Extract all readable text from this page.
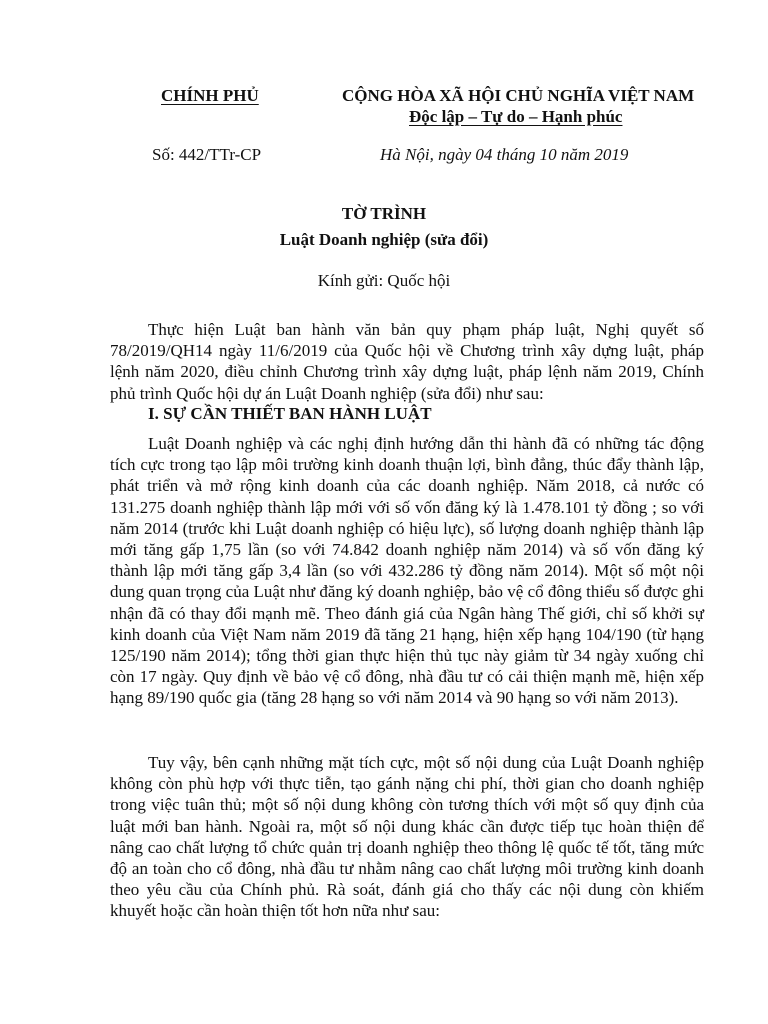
CHÍNH PHỦ	CỘNG HÒA XÃ HỘI CHỦ NGHĨA VIỆT NAM
Độc lập – Tự do – Hạnh phúc
Số: 442/TTr-CP	Hà Nội, ngày 04 tháng 10 năm 2019
TỜ TRÌNH
Luật Doanh nghiệp (sửa đổi)
Kính gửi: Quốc hội

Thực hiện Luật ban hành văn bản quy phạm pháp luật, Nghị quyết số 78/2019/QH14 ngày 11/6/2019 của Quốc hội về Chương trình xây dựng luật, pháp lệnh năm 2020, điều chỉnh Chương trình xây dựng luật, pháp lệnh năm 2019, Chính phủ trình Quốc hội dự án Luật Doanh nghiệp (sửa đổi) như sau:

I. SỰ CẦN THIẾT BAN HÀNH LUẬT

Luật Doanh nghiệp và các nghị định hướng dẫn thi hành đã có những tác động tích cực trong tạo lập môi trường kinh doanh thuận lợi, bình đẳng, thúc đẩy thành lập, phát triển và mở rộng kinh doanh của các doanh nghiệp. Năm 2018, cả nước có 131.275 doanh nghiệp thành lập mới với số vốn đăng ký là 1.478.101 tỷ đồng ; so với năm 2014 (trước khi Luật doanh nghiệp có hiệu lực), số lượng doanh nghiệp thành lập mới tăng gấp 1,75 lần (so với 74.842 doanh nghiệp năm 2014) và số vốn đăng ký thành lập mới tăng gấp 3,4 lần (so với 432.286 tỷ đồng năm 2014). Một số một nội dung quan trọng của Luật như đăng ký doanh nghiệp, bảo vệ cổ đông thiểu số được ghi nhận đã có thay đổi mạnh mẽ. Theo đánh giá của Ngân hàng Thế giới, chỉ số khởi sự kinh doanh của Việt Nam năm 2019 đã tăng 21 hạng, hiện xếp hạng 104/190 (từ hạng 125/190 năm 2014); tổng thời gian thực hiện thủ tục này giảm từ 34 ngày xuống chỉ còn 17 ngày. Quy định về bảo vệ cổ đông, nhà đầu tư có cải thiện mạnh mẽ, hiện xếp hạng 89/190 quốc gia (tăng 28 hạng so với năm 2014 và 90 hạng so với năm 2013).

Tuy vậy, bên cạnh những mặt tích cực, một số nội dung của Luật Doanh nghiệp không còn phù hợp với thực tiễn, tạo gánh nặng chi phí, thời gian cho doanh nghiệp trong việc tuân thủ; một số nội dung không còn tương thích với một số quy định của luật mới ban hành. Ngoài ra, một số nội dung khác cần được tiếp tục hoàn thiện để nâng cao chất lượng tổ chức quản trị doanh nghiệp theo thông lệ quốc tế tốt, tăng mức độ an toàn cho cổ đông, nhà đầu tư nhằm nâng cao chất lượng môi trường kinh doanh theo yêu cầu của Chính phủ. Rà soát, đánh giá cho thấy các nội dung còn khiếm khuyết hoặc cần hoàn thiện tốt hơn nữa như sau:
